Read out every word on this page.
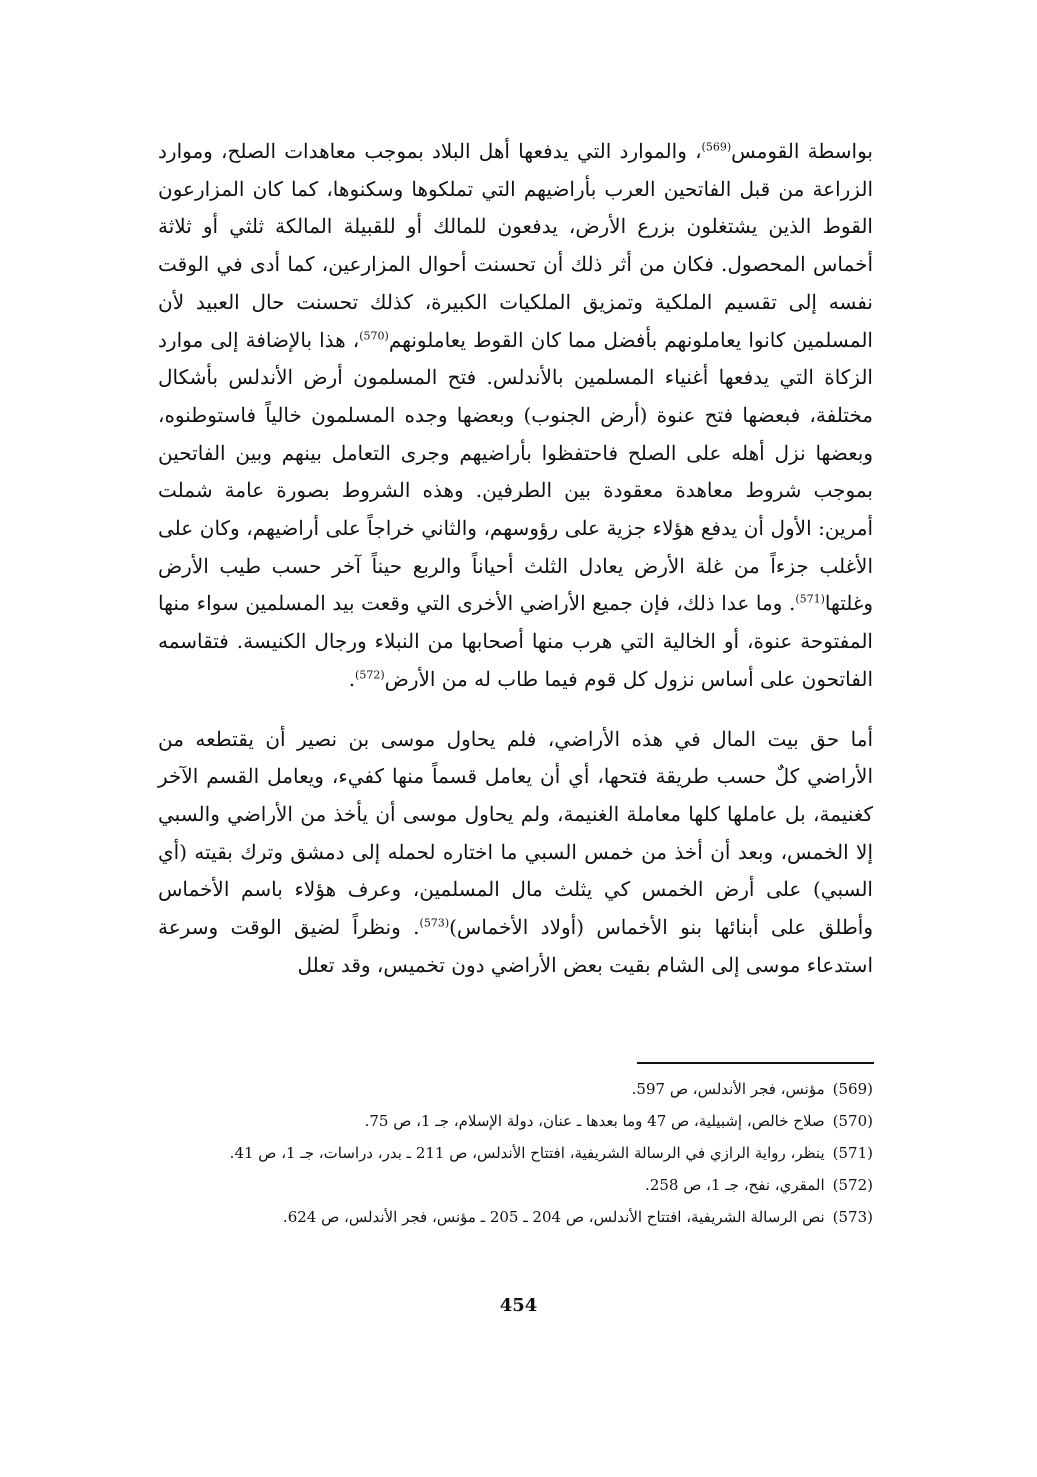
بواسطة القومس$^{(569)}$، والموارد التي يدفعها أهل البلاد بموجب معاهدات الصلح، وموارد الزراعة من قبل الفاتحين العرب بأراضيهم التي تملكوها وسكنوها، كما كان المزارعون القوط الذين يشتغلون بزرع الأرض، يدفعون للمالك أو للقبيلة المالكة ثلثي أو ثلاثة أخماس المحصول. فكان من أثر ذلك أن تحسنت أحوال المزارعين، كما أدى في الوقت نفسه إلى تقسيم الملكية وتمزيق الملكيات الكبيرة، كذلك تحسنت حال العبيد لأن المسلمين كانوا يعاملونهم بأفضل مما كان القوط يعاملونهم$^{(570)}$، هذا بالإضافة إلى موارد الزكاة التي يدفعها أغنياء المسلمين بالأندلس. فتح المسلمون أرض الأندلس بأشكال مختلفة، فبعضها فتح عنوة (أرض الجنوب) وبعضها وجده المسلمون خالياً فاستوطنوه، وبعضها نزل أهله على الصلح فاحتفظوا بأراضيهم وجرى التعامل بينهم وبين الفاتحين بموجب شروط معاهدة معقودة بين الطرفين. وهذه الشروط بصورة عامة شملت أمرين: الأول أن يدفع هؤلاء جزية على رؤوسهم، والثاني خراجاً على أراضيهم، وكان على الأغلب جزءاً من غلة الأرض يعادل الثلث أحياناً والربع حيناً آخر حسب طيب الأرض وغلتها$^{(571)}$. وما عدا ذلك، فإن جميع الأراضي الأخرى التي وقعت بيد المسلمين سواء منها المفتوحة عنوة، أو الخالية التي هرب منها أصحابها من النبلاء ورجال الكنيسة. فتقاسمه الفاتحون على أساس نزول كل قوم فيما طاب له من الأرض$^{(572)}$.

أما حق بيت المال في هذه الأراضي، فلم يحاول موسى بن نصير أن يقتطعه من الأراضي كلٌ حسب طريقة فتحها، أي أن يعامل قسماً منها كفيء، ويعامل القسم الآخر كغنيمة، بل عاملها كلها معاملة الغنيمة، ولم يحاول موسى أن يأخذ من الأراضي والسبي إلا الخمس، وبعد أن أخذ من خمس السبي ما اختاره لحمله إلى دمشق وترك بقيته (أي السبي) على أرض الخمس كي يثلث مال المسلمين، وعرف هؤلاء باسم الأخماس وأطلق على أبنائها بنو الأخماس (أولاد الأخماس)$^{(573)}$. ونظراً لضيق الوقت وسرعة استدعاء موسى إلى الشام بقيت بعض الأراضي دون تخميس، وقد تعلل

(569)
مؤنس، فجر الأندلس، ص 597.
(570)
صلاح خالص، إشبيلية، ص 47 وما بعدها ـ عنان، دولة الإسلام، جـ 1، ص 75.
(571)
ينظر، رواية الرازي في الرسالة الشريفية، افتتاح الأندلس، ص 211 ـ بدر، دراسات، جـ 1، ص 41.
(572)
المقري، نفح، جـ 1، ص 258.
(573)
نص الرسالة الشريفية، افتتاح الأندلس، ص 204 ـ 205 ـ مؤنس، فجر الأندلس، ص 624.
454
